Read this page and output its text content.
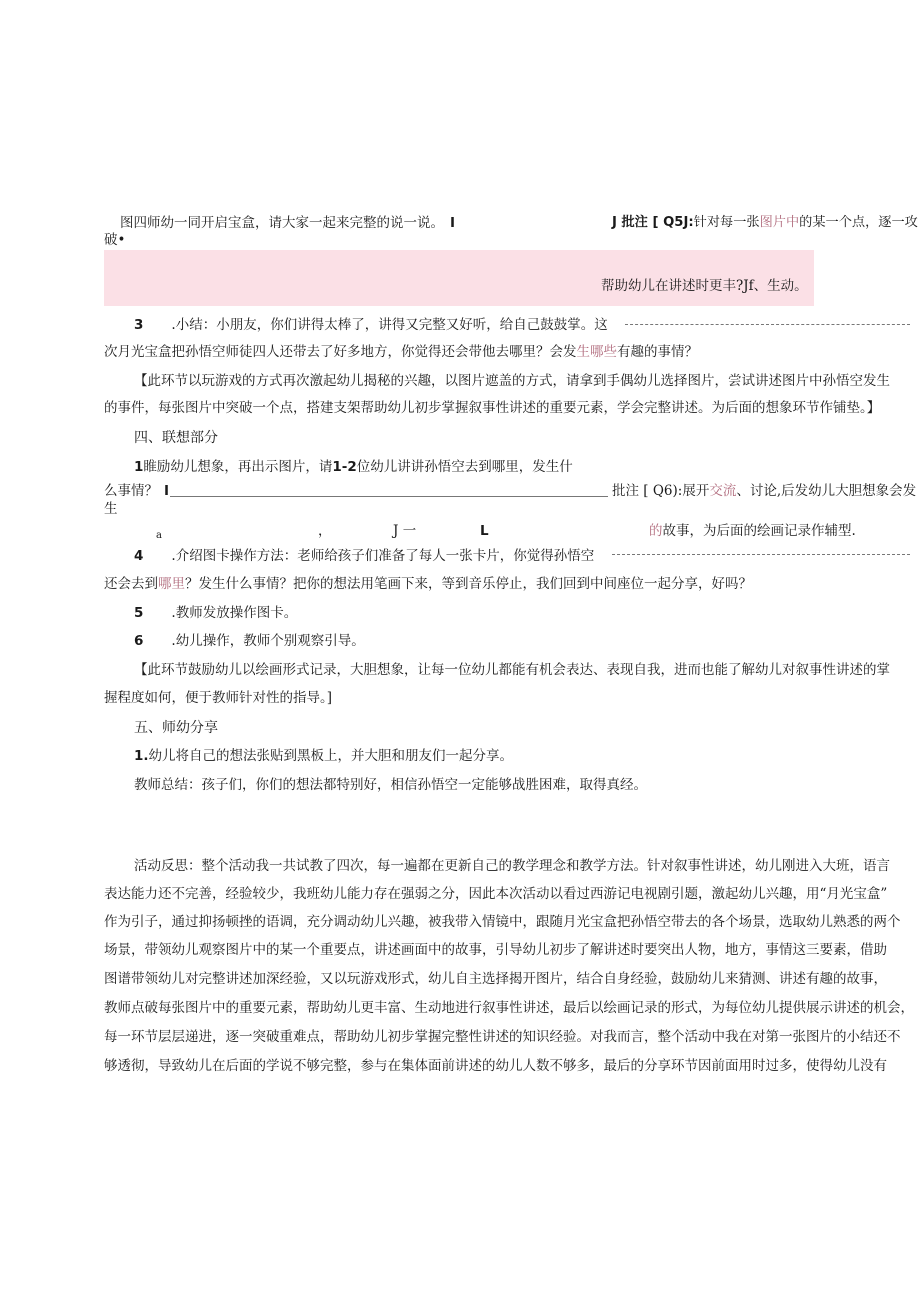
图四师幼一同开启宝盒，请大家一起来完整的说一说。 I	J 批注 [ Q5J:针对每一张图片中的某一个点，逐一攻
破•
帮助幼儿在讲述时更丰?Jf、生动。
3 .小结：小朋友，你们讲得太棒了，讲得又完整又好听，给自己鼓鼓掌。这
次月光宝盒把孙悟空师徒四人还带去了好多地方，你觉得还会带他去哪里？会发生哪些有趣的事情？
【此环节以玩游戏的方式再次激起幼儿揭秘的兴趣，以图片遮盖的方式，请拿到手偶幼儿选择图片，尝试讲述图片中孙悟空发生
的事件，每张图片中突破一个点，搭建支架帮助幼儿初步掌握叙事性讲述的重要元素，学会完整讲述。为后面的想象环节作铺垫。】
四、联想部分
1睢励幼儿想象，再出示图片，请1-2位幼儿讲讲孙悟空去到哪里，发生什
么事情？ I	批注 [ Q6):展开交流、讨论,后发幼儿大胆想象会发
生
a	，	J 一	L	的故事，为后面的绘画记录作辅型.
4 .介绍图卡操作方法：老师给孩子们准备了每人一张卡片，你觉得孙悟空
还会去到哪里？发生什么事情？把你的想法用笔画下来，等到音乐停止，我们回到中间座位一起分享，好吗？
5 .教师发放操作图卡。
6 .幼儿操作，教师个别观察引导。
【此环节鼓励幼儿以绘画形式记录，大胆想象，让每一位幼儿都能有机会表达、表现自我，进而也能了解幼儿对叙事性讲述的掌
握程度如何，便于教师针对性的指导。]
五、师幼分享
1.幼儿将自己的想法张贴到黑板上，并大胆和朋友们一起分享。
教师总结：孩子们，你们的想法都特别好，相信孙悟空一定能够战胜困难，取得真经。
活动反思：整个活动我一共试教了四次，每一遍都在更新自己的教学理念和教学方法。针对叙事性讲述，幼儿刚进入大班，语言
表达能力还不完善，经验较少，我班幼儿能力存在强弱之分，因此本次活动以看过西游记电视剧引题，激起幼儿兴趣，用“月光宝盒”
作为引子，通过抑扬顿挫的语调，充分调动幼儿兴趣，被我带入情镜中，跟随月光宝盒把孙悟空带去的各个场景，选取幼儿熟悉的两个
场景，带领幼儿观察图片中的某一个重要点，讲述画面中的故事，引导幼儿初步了解讲述时要突出人物，地方，事情这三要素，借助
图谱带领幼儿对完整讲述加深经验，又以玩游戏形式，幼儿自主选择揭开图片，结合自身经验，鼓励幼儿来猜测、讲述有趣的故事，
教师点破每张图片中的重要元素，帮助幼儿更丰富、生动地进行叙事性讲述，最后以绘画记录的形式，为每位幼儿提供展示讲述的机会，
每一环节层层递进，逐一突破重难点，帮助幼儿初步掌握完整性讲述的知识经验。对我而言，整个活动中我在对第一张图片的小结还不
够透彻，导致幼儿在后面的学说不够完整，参与在集体面前讲述的幼儿人数不够多，最后的分享环节因前面用时过多，使得幼儿没有
